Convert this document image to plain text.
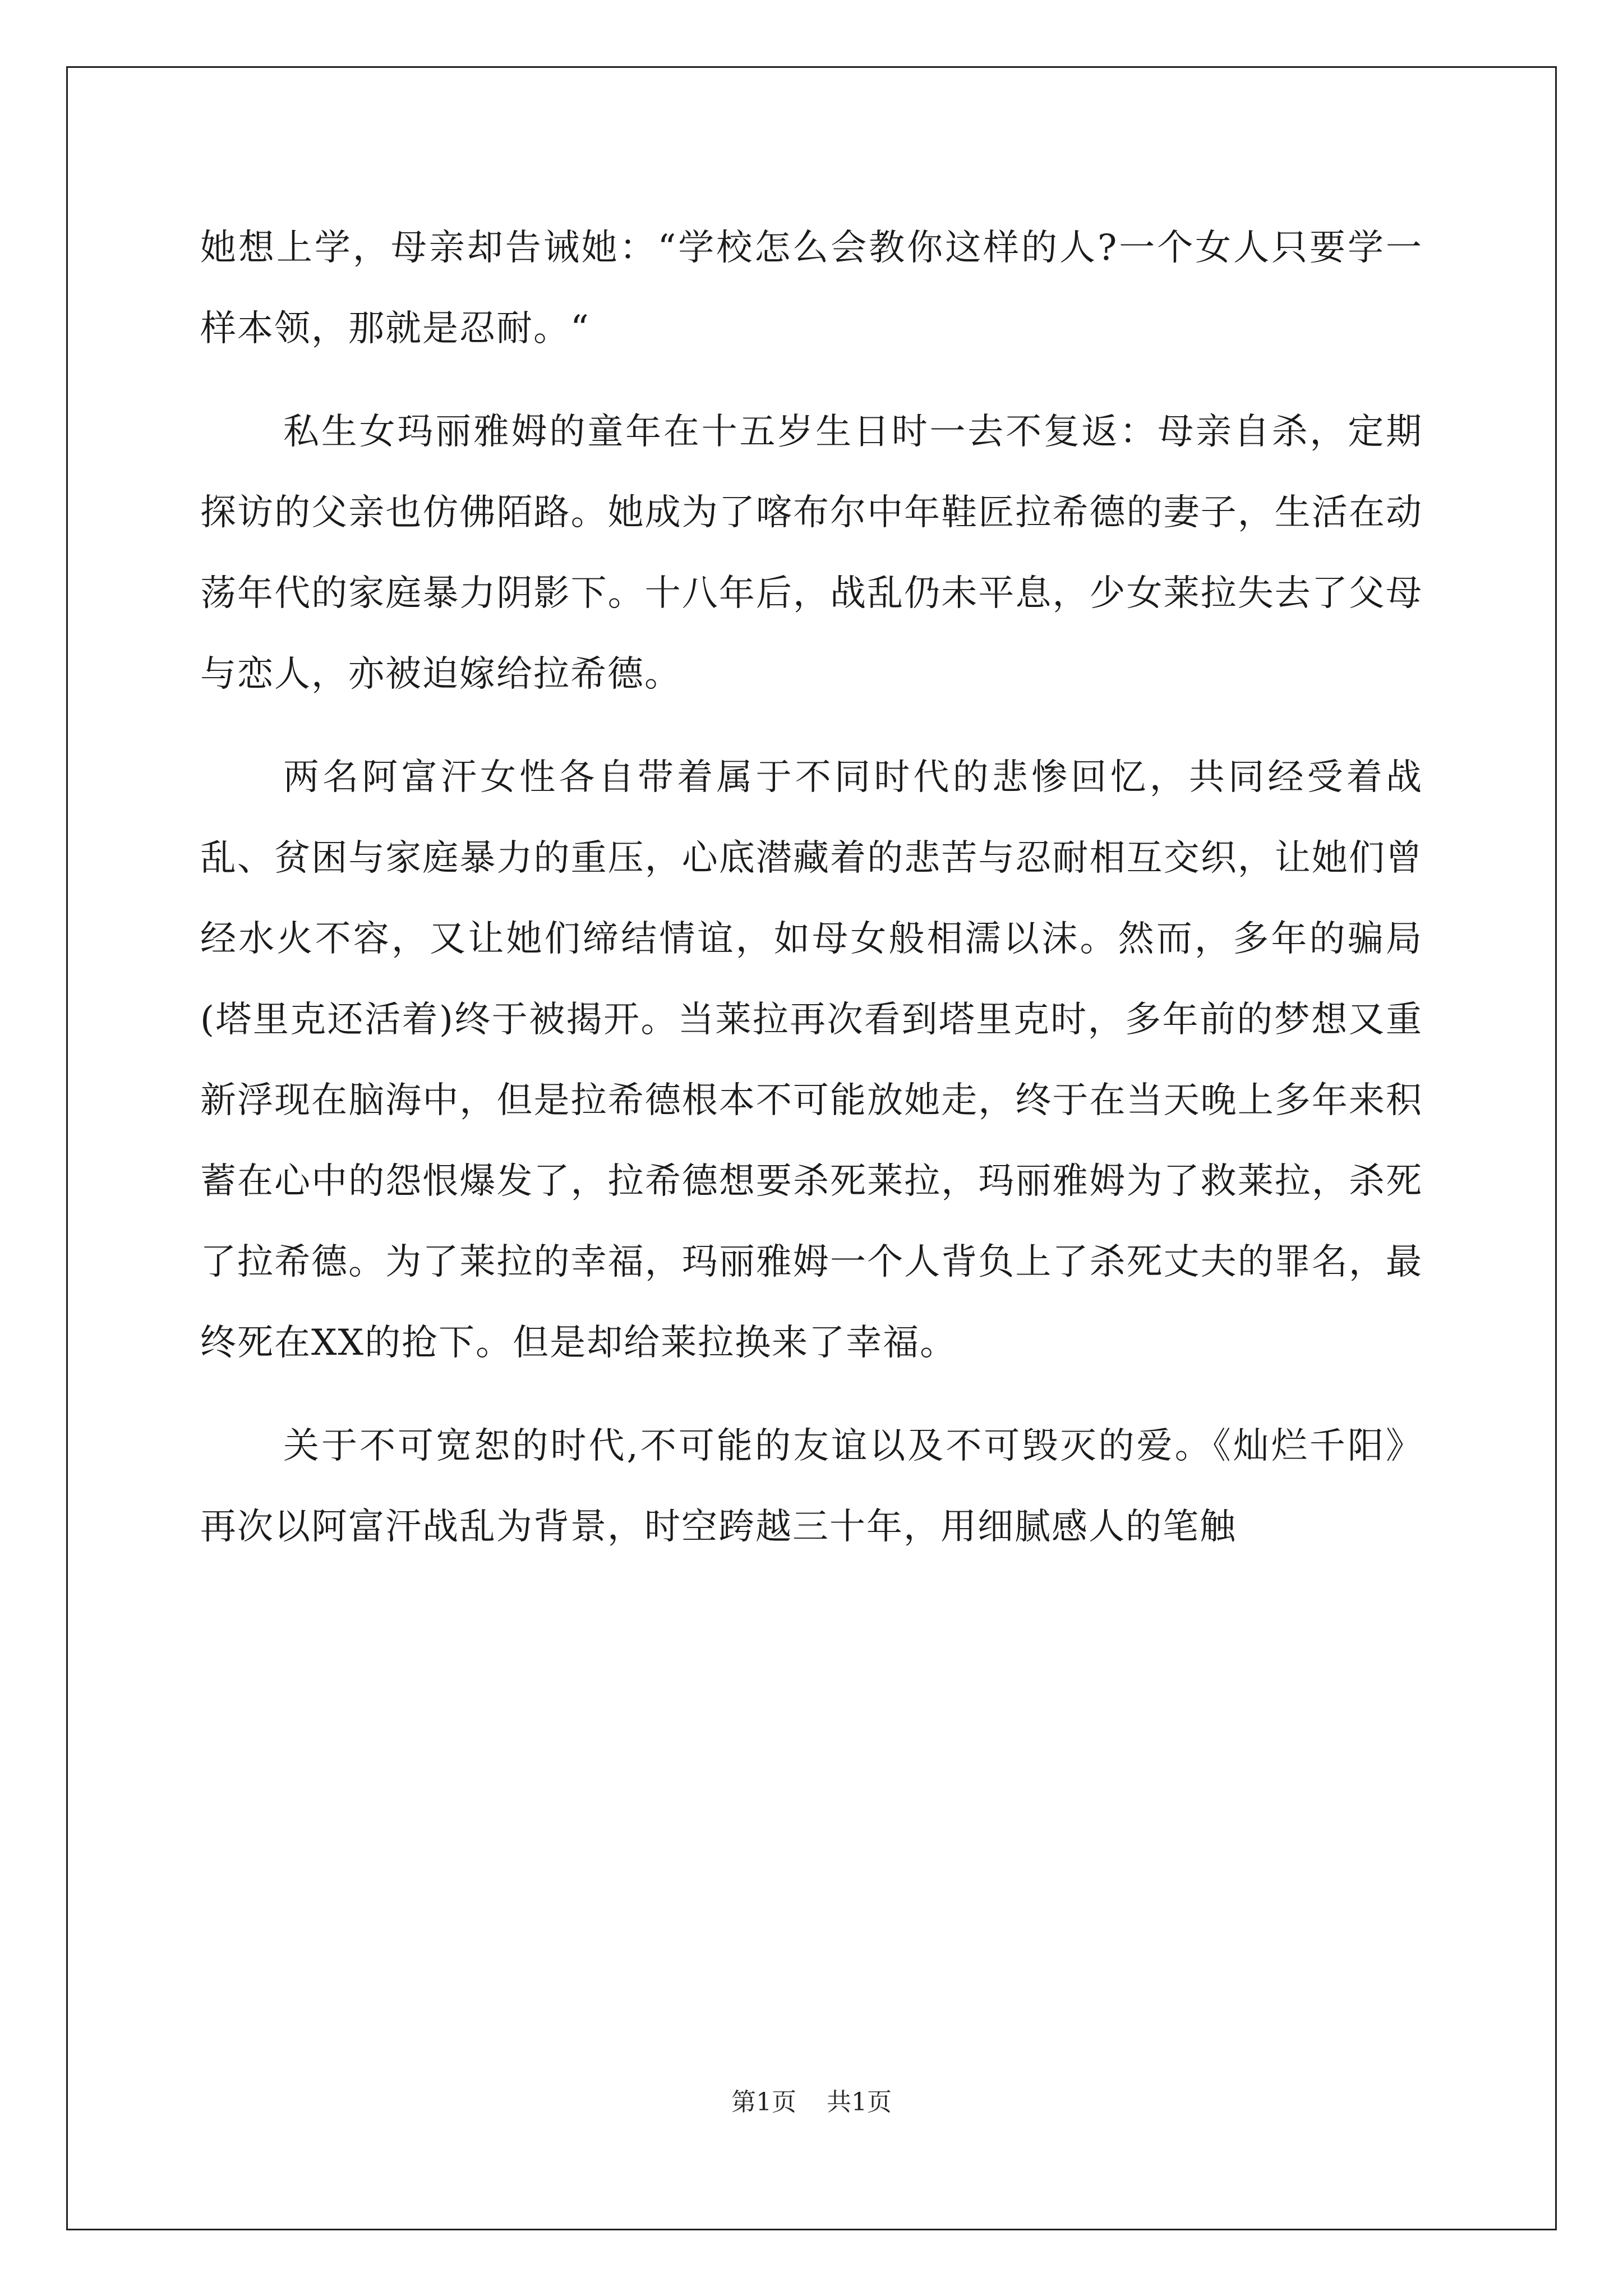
她想上学，母亲却告诫她：“学校怎么会教你这样的人?一个女人只要学一样本领，那就是忍耐。“

私生女玛丽雅姆的童年在十五岁生日时一去不复返：母亲自杀，定期探访的父亲也仿佛陌路。她成为了喀布尔中年鞋匠拉希德的妻子，生活在动荡年代的家庭暴力阴影下。十八年后，战乱仍未平息，少女莱拉失去了父母与恋人，亦被迫嫁给拉希德。

两名阿富汗女性各自带着属于不同时代的悲惨回忆，共同经受着战乱、贫困与家庭暴力的重压，心底潜藏着的悲苦与忍耐相互交织，让她们曾经水火不容，又让她们缔结情谊，如母女般相濡以沫。然而，多年的骗局(塔里克还活着)终于被揭开。当莱拉再次看到塔里克时，多年前的梦想又重新浮现在脑海中，但是拉希德根本不可能放她走，终于在当天晚上多年来积蓄在心中的怨恨爆发了，拉希德想要杀死莱拉，玛丽雅姆为了救莱拉，杀死了拉希德。为了莱拉的幸福，玛丽雅姆一个人背负上了杀死丈夫的罪名，最终死在XX的抢下。但是却给莱拉换来了幸福。

关于不可宽恕的时代,不可能的友谊以及不可毁灭的爱。《灿烂千阳》再次以阿富汗战乱为背景，时空跨越三十年，用细腻感人的笔触

第1页 共1页
